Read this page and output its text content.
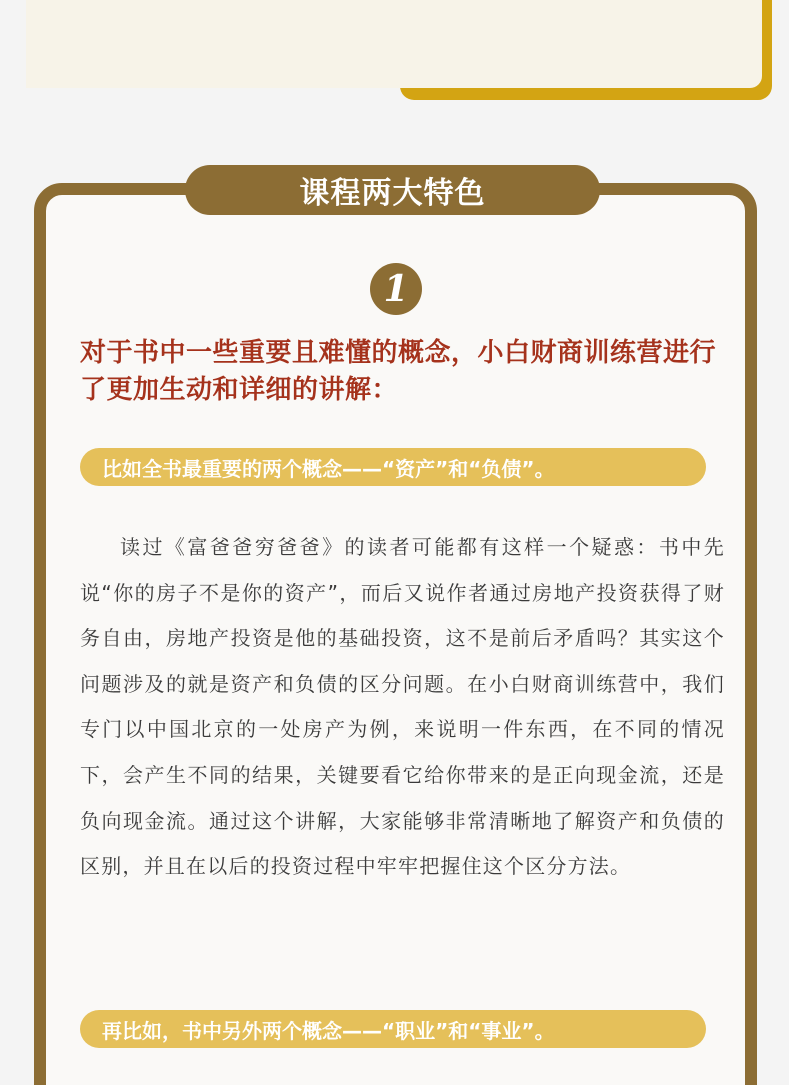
课程两大特色
1
对于书中一些重要且难懂的概念，小白财商训练营进行了更加生动和详细的讲解：
比如全书最重要的两个概念——“资产”和“负债”。

读过《富爸爸穷爸爸》的读者可能都有这样一个疑惑：书中先说“你的房子不是你的资产”，而后又说作者通过房地产投资获得了财务自由，房地产投资是他的基础投资，这不是前后矛盾吗？其实这个问题涉及的就是资产和负债的区分问题。在小白财商训练营中，我们专门以中国北京的一处房产为例，来说明一件东西，在不同的情况下，会产生不同的结果，关键要看它给你带来的是正向现金流，还是负向现金流。通过这个讲解，大家能够非常清晰地了解资产和负债的区别，并且在以后的投资过程中牢牢把握住这个区分方法。

再比如，书中另外两个概念——“职业”和“事业”。
